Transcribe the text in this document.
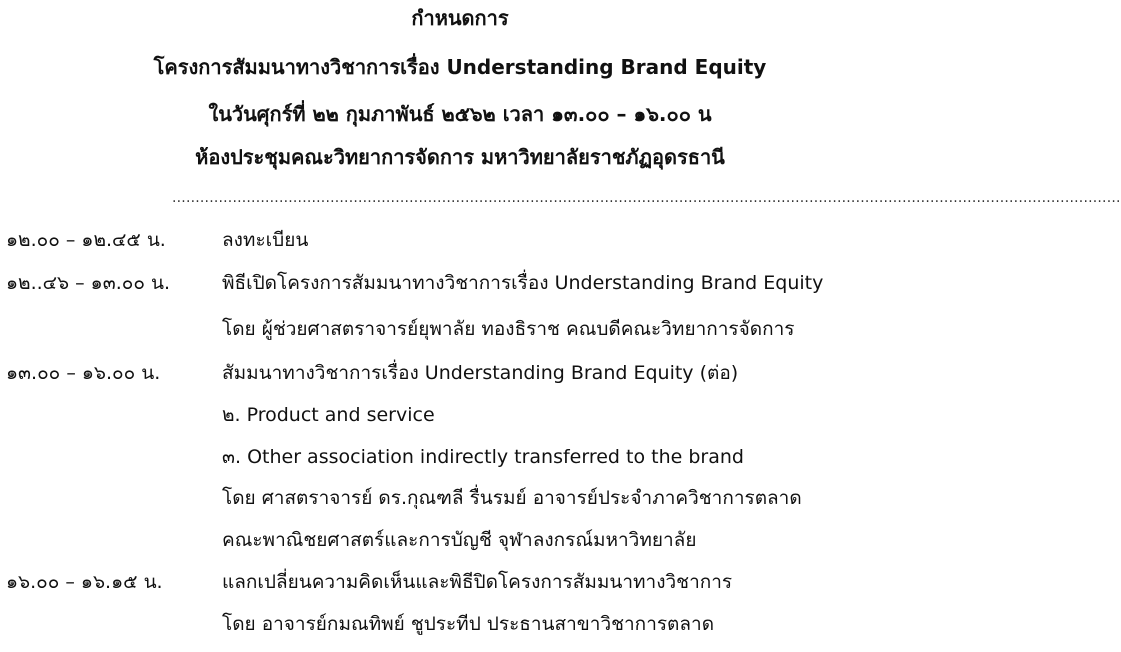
กำหนดการ
โครงการสัมมนาทางวิชาการเรื่อง Understanding Brand Equity
ในวันศุกร์ที่ ๒๒ กุมภาพันธ์ ๒๕๖๒ เวลา ๑๓.๐๐ – ๑๖.๐๐ น
ห้องประชุมคณะวิทยาการจัดการ มหาวิทยาลัยราชภัฏอุดรธานี
............................................................................................................................................................................................................
๑๒.๐๐ – ๑๒.๔๕ น.	ลงทะเบียน
๑๒..๔๖ – ๑๓.๐๐ น.	พิธีเปิดโครงการสัมมนาทางวิชาการเรื่อง Understanding Brand Equity
โดย ผู้ช่วยศาสตราจารย์ยุพาลัย ทองธิราช คณบดีคณะวิทยาการจัดการ
๑๓.๐๐ – ๑๖.๐๐ น.	สัมมนาทางวิชาการเรื่อง Understanding Brand Equity (ต่อ)
๒. Product and service
๓. Other association indirectly transferred to the brand
โดย ศาสตราจารย์ ดร.กุณฑลี รื่นรมย์ อาจารย์ประจำภาควิชาการตลาด
คณะพาณิชยศาสตร์และการบัญชี จุฬาลงกรณ์มหาวิทยาลัย
๑๖.๐๐ – ๑๖.๑๕ น.	แลกเปลี่ยนความคิดเห็นและพิธีปิดโครงการสัมมนาทางวิชาการ
โดย อาจารย์กมณทิพย์ ชูประทีป ประธานสาขาวิชาการตลาด
